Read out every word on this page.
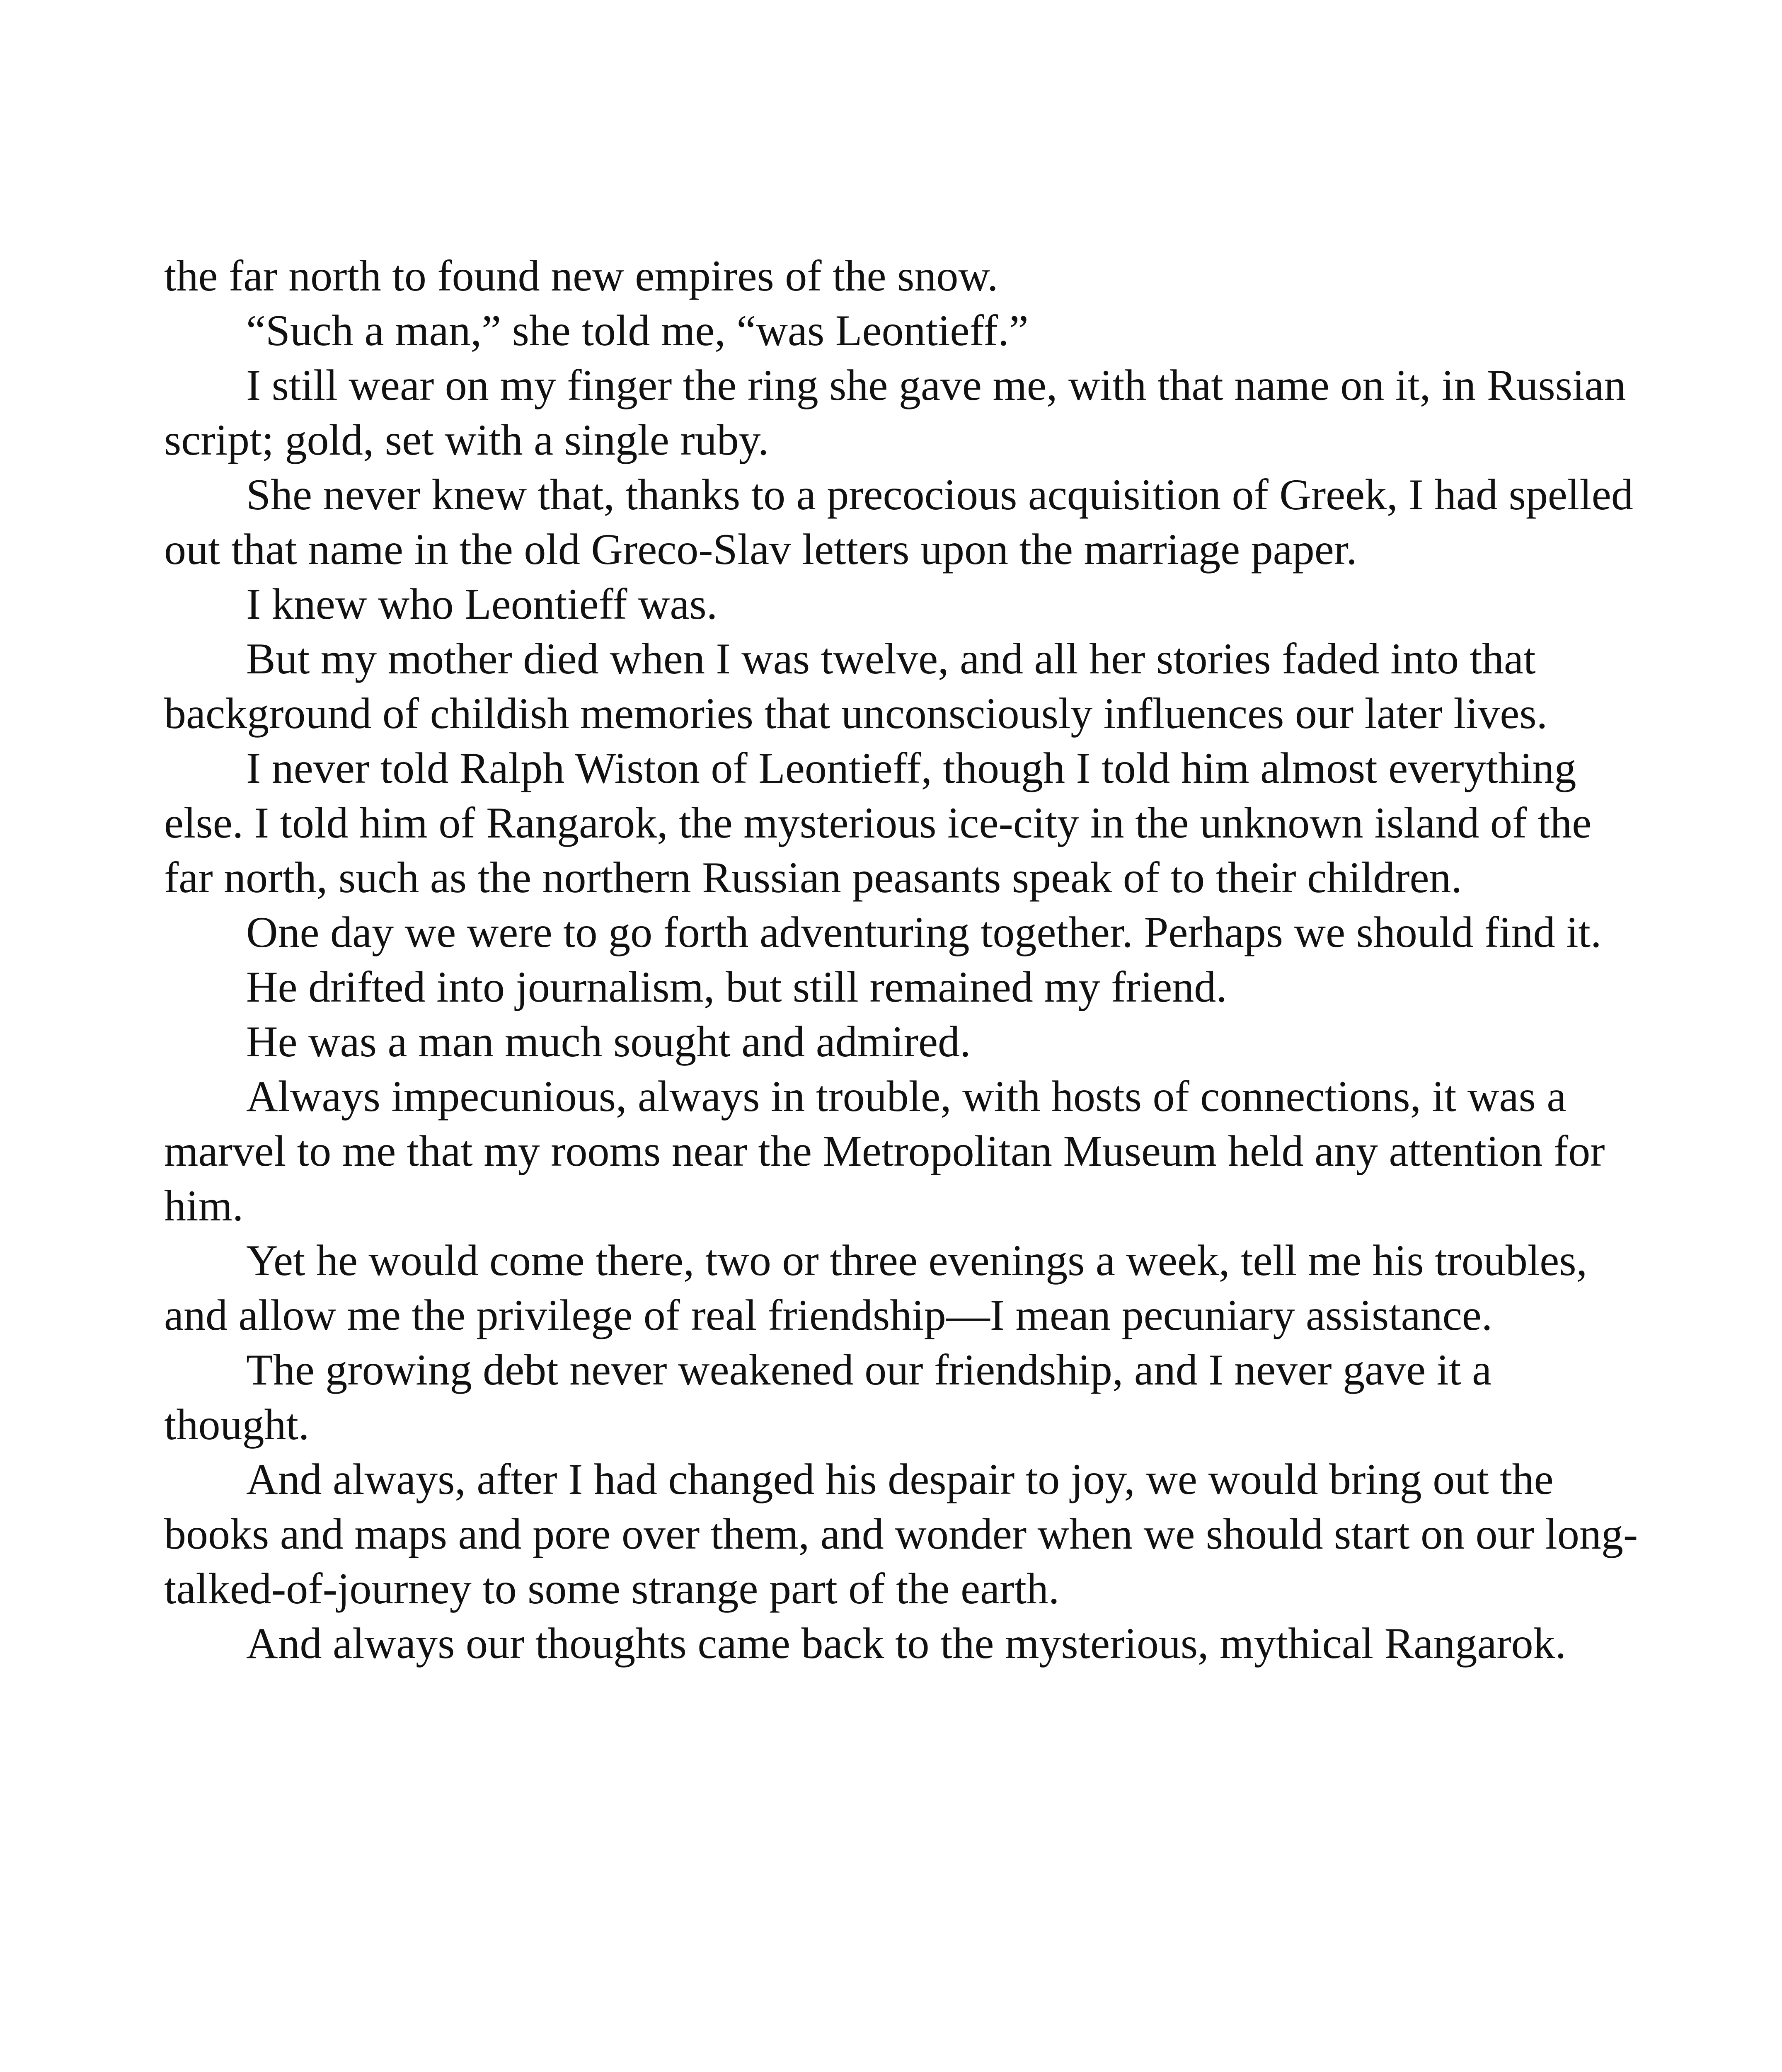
the far north to found new empires of the snow.

“Such a man,” she told me, “was Leontieff.”

I still wear on my finger the ring she gave me, with that name on it, in Russian script; gold, set with a single ruby.

She never knew that, thanks to a precocious acquisition of Greek, I had spelled out that name in the old Greco-Slav letters upon the marriage paper.

I knew who Leontieff was.

But my mother died when I was twelve, and all her stories faded into that background of childish memories that unconsciously influences our later lives.

I never told Ralph Wiston of Leontieff, though I told him almost everything else. I told him of Rangarok, the mysterious ice-city in the unknown island of the far north, such as the northern Russian peasants speak of to their children.

One day we were to go forth adventuring together. Perhaps we should find it.

He drifted into journalism, but still remained my friend.

He was a man much sought and admired.

Always impecunious, always in trouble, with hosts of connections, it was a marvel to me that my rooms near the Metropolitan Museum held any attention for him.

Yet he would come there, two or three evenings a week, tell me his troubles, and allow me the privilege of real friendship—I mean pecuniary assistance.

The growing debt never weakened our friendship, and I never gave it a thought.

And always, after I had changed his despair to joy, we would bring out the books and maps and pore over them, and wonder when we should start on our long-talked-of-journey to some strange part of the earth.

And always our thoughts came back to the mysterious, mythical Rangarok.
